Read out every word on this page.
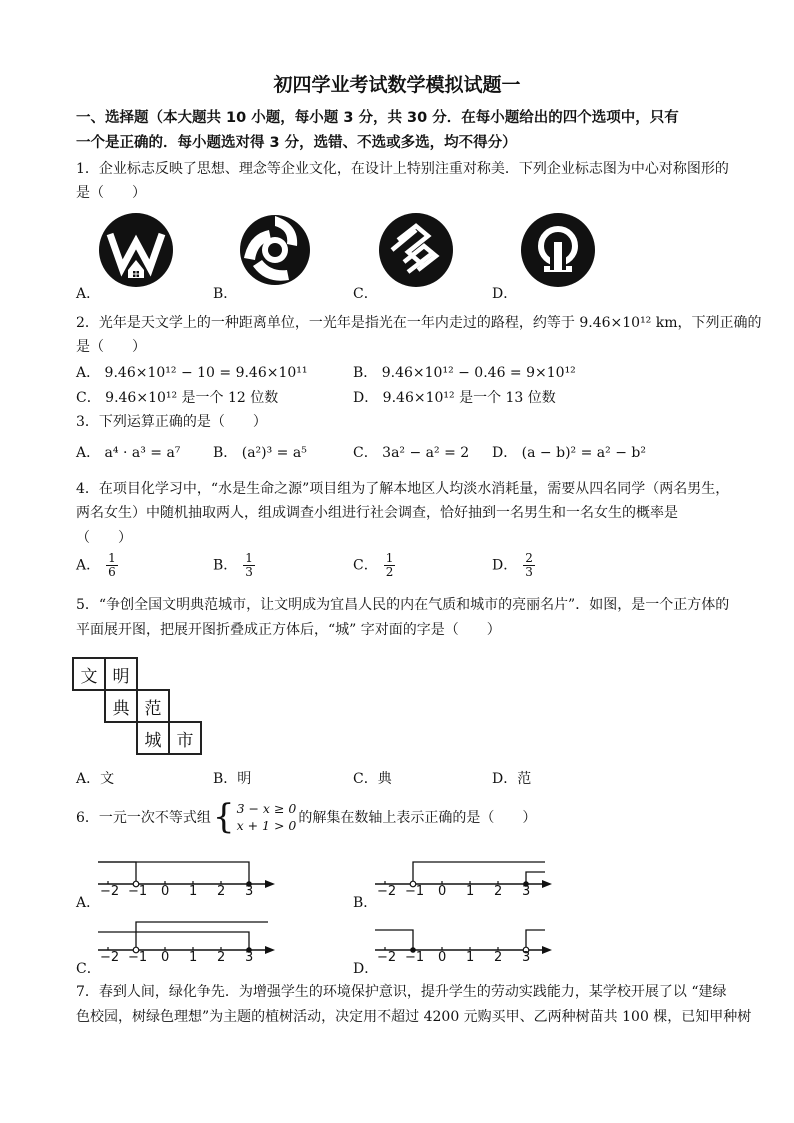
初四学业考试数学模拟试题一
一、选择题（本大题共 10 小题，每小题 3 分，共 30 分．在每小题给出的四个选项中，只有
一个是正确的．每小题选对得 3 分，选错、不选或多选，均不得分）
1．企业标志反映了思想、理念等企业文化，在设计上特别注重对称美．下列企业标志图为中心对称图形的
是（　　）
A．	B．	C．	D．
2．光年是天文学上的一种距离单位，一光年是指光在一年内走过的路程，约等于 9.46×10¹² km，下列正确的
是（　　）
A． 9.46×10¹² − 10 = 9.46×10¹¹	B． 9.46×10¹² − 0.46 = 9×10¹²
C． 9.46×10¹² 是一个 12 位数	D． 9.46×10¹² 是一个 13 位数
3．下列运算正确的是（　　）
A． a⁴ · a³ = a⁷ B． (a²)³ = a⁵	C． 3a² − a² = 2 D． (a − b)² = a² − b²
4．在项目化学习中，“水是生命之源”项目组为了解本地区人均淡水消耗量，需要从四名同学（两名男生，
两名女生）中随机抽取两人，组成调查小组进行社会调查，恰好抽到一名男生和一名女生的概率是
（　　）
A． $\frac{1}{6}$	B． $\frac{1}{3}$	C． $\frac{1}{2}$	D． $\frac{2}{3}$
5．“争创全国文明典范城市，让文明成为宜昌人民的内在气质和城市的亮丽名片”．如图，是一个正方体的
平面展开图，把展开图折叠成正方体后，“城” 字对面的字是（　　）
文 明
典 范
城 市
A．文	B．明	C．典	D．范
6．一元一次不等式组 { 3 − x ≥ 0
x + 1 > 0 的解集在数轴上表示正确的是（　　）
A．
−2 −1 0 1 2 3
B．
−2 −1 0 1 2 3
C．
−2 −1 0 1 2 3
D．
−2 −1 0 1 2 3
7．春到人间，绿化争先．为增强学生的环境保护意识，提升学生的劳动实践能力，某学校开展了以 “建绿
色校园，树绿色理想”为主题的植树活动，决定用不超过 4200 元购买甲、乙两种树苗共 100 棵，已知甲种树
